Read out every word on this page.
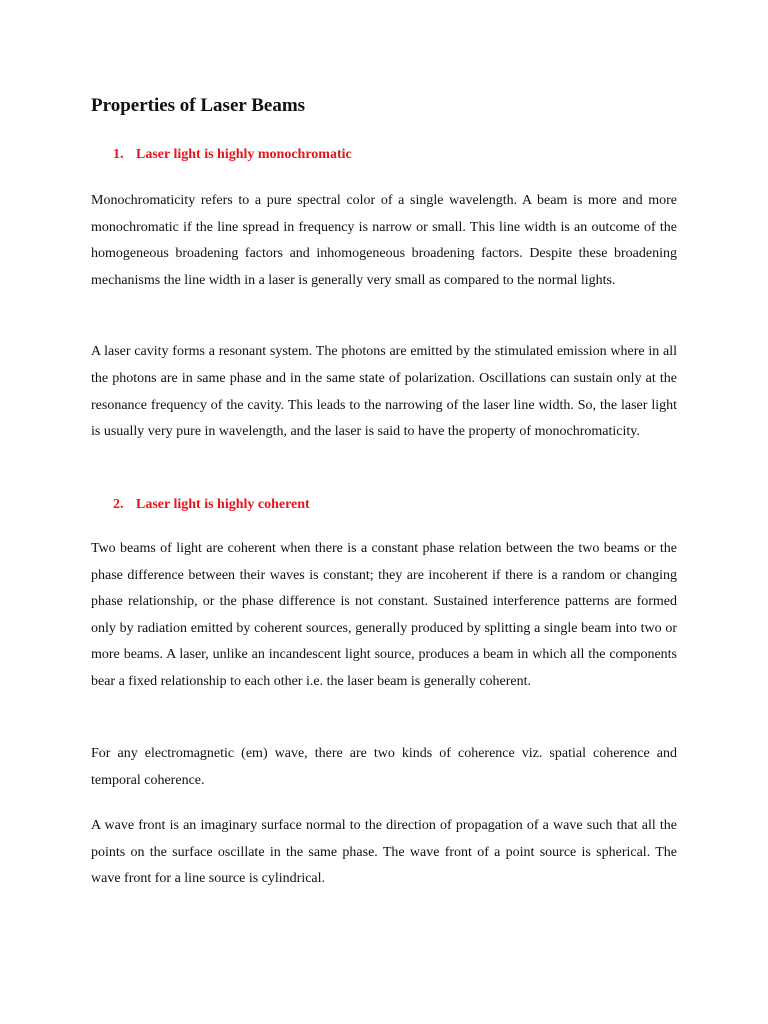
Properties of Laser Beams
1. Laser light is highly monochromatic

Monochromaticity refers to a pure spectral color of a single wavelength. A beam is more and more monochromatic if the line spread in frequency is narrow or small. This line width is an outcome of the homogeneous broadening factors and inhomogeneous broadening factors. Despite these broadening mechanisms the line width in a laser is generally very small as compared to the normal lights.

A laser cavity forms a resonant system. The photons are emitted by the stimulated emission where in all the photons are in same phase and in the same state of polarization. Oscillations can sustain only at the resonance frequency of the cavity. This leads to the narrowing of the laser line width. So, the laser light is usually very pure in wavelength, and the laser is said to have the property of monochromaticity.

2. Laser light is highly coherent

Two beams of light are coherent when there is a constant phase relation between the two beams or the phase difference between their waves is constant; they are incoherent if there is a random or changing phase relationship, or the phase difference is not constant. Sustained interference patterns are formed only by radiation emitted by coherent sources, generally produced by splitting a single beam into two or more beams. A laser, unlike an incandescent light source, produces a beam in which all the components bear a fixed relationship to each other i.e. the laser beam is generally coherent.

For any electromagnetic (em) wave, there are two kinds of coherence viz. spatial coherence and temporal coherence.

A wave front is an imaginary surface normal to the direction of propagation of a wave such that all the points on the surface oscillate in the same phase. The wave front of a point source is spherical. The wave front for a line source is cylindrical.
